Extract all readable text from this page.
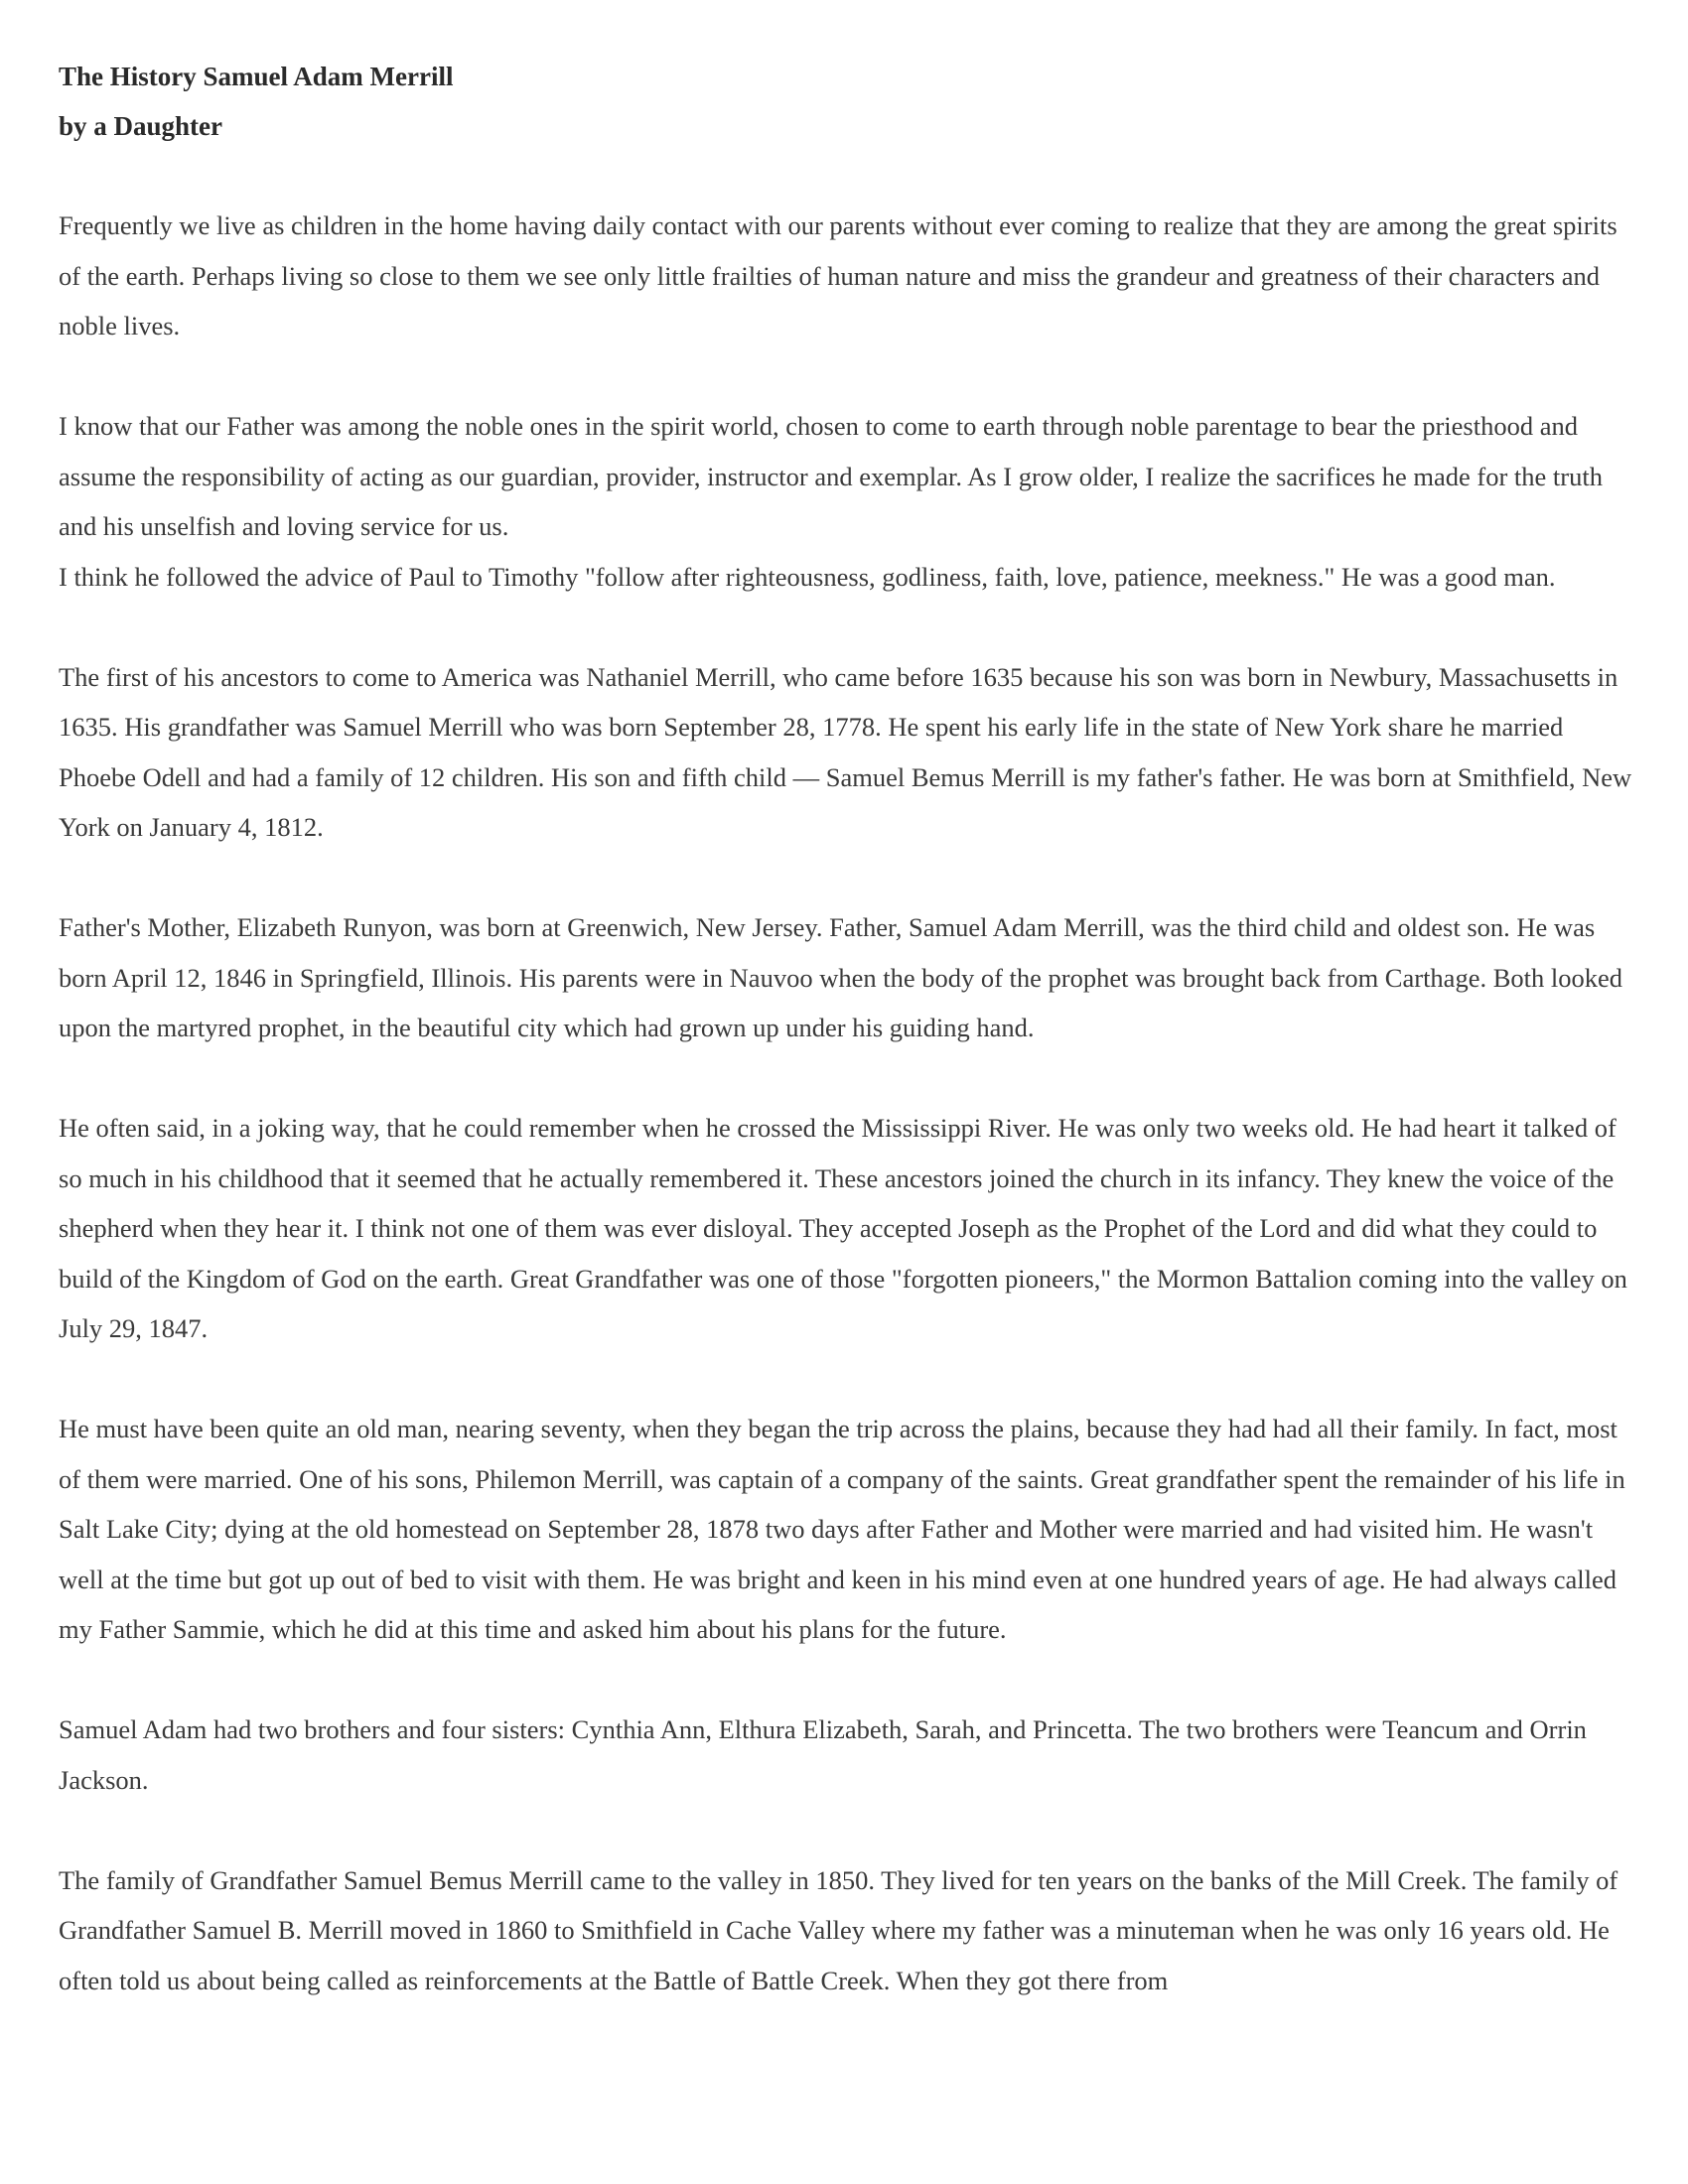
The History Samuel Adam Merrill

by a Daughter

Frequently we live as children in the home having daily contact with our parents without ever coming to realize that they are among the great spirits of the earth. Perhaps living so close to them we see only little frailties of human nature and miss the grandeur and greatness of their characters and noble lives.

I know that our Father was among the noble ones in the spirit world, chosen to come to earth through noble parentage to bear the priesthood and assume the responsibility of acting as our guardian, provider, instructor and exemplar. As I grow older, I realize the sacrifices he made for the truth and his unselfish and loving service for us.

I think he followed the advice of Paul to Timothy "follow after righteousness, godliness, faith, love, patience, meekness." He was a good man.

The first of his ancestors to come to America was Nathaniel Merrill, who came before 1635 because his son was born in Newbury, Massachusetts in 1635. His grandfather was Samuel Merrill who was born September 28, 1778. He spent his early life in the state of New York share he married Phoebe Odell and had a family of 12 children. His son and fifth child — Samuel Bemus Merrill is my father's father. He was born at Smithfield, New York on January 4, 1812.

Father's Mother, Elizabeth Runyon, was born at Greenwich, New Jersey. Father, Samuel Adam Merrill, was the third child and oldest son. He was born April 12, 1846 in Springfield, Illinois. His parents were in Nauvoo when the body of the prophet was brought back from Carthage. Both looked upon the martyred prophet, in the beautiful city which had grown up under his guiding hand.

He often said, in a joking way, that he could remember when he crossed the Mississippi River. He was only two weeks old. He had heart it talked of so much in his childhood that it seemed that he actually remembered it. These ancestors joined the church in its infancy. They knew the voice of the shepherd when they hear it. I think not one of them was ever disloyal. They accepted Joseph as the Prophet of the Lord and did what they could to build of the Kingdom of God on the earth. Great Grandfather was one of those "forgotten pioneers," the Mormon Battalion coming into the valley on July 29, 1847.

He must have been quite an old man, nearing seventy, when they began the trip across the plains, because they had had all their family. In fact, most of them were married. One of his sons, Philemon Merrill, was captain of a company of the saints. Great grandfather spent the remainder of his life in Salt Lake City; dying at the old homestead on September 28, 1878 two days after Father and Mother were married and had visited him. He wasn't well at the time but got up out of bed to visit with them. He was bright and keen in his mind even at one hundred years of age. He had always called my Father Sammie, which he did at this time and asked him about his plans for the future.

Samuel Adam had two brothers and four sisters: Cynthia Ann, Elthura Elizabeth, Sarah, and Princetta. The two brothers were Teancum and Orrin Jackson.

The family of Grandfather Samuel Bemus Merrill came to the valley in 1850. They lived for ten years on the banks of the Mill Creek. The family of Grandfather Samuel B. Merrill moved in 1860 to Smithfield in Cache Valley where my father was a minuteman when he was only 16 years old. He often told us about being called as reinforcements at the Battle of Battle Creek. When they got there from
